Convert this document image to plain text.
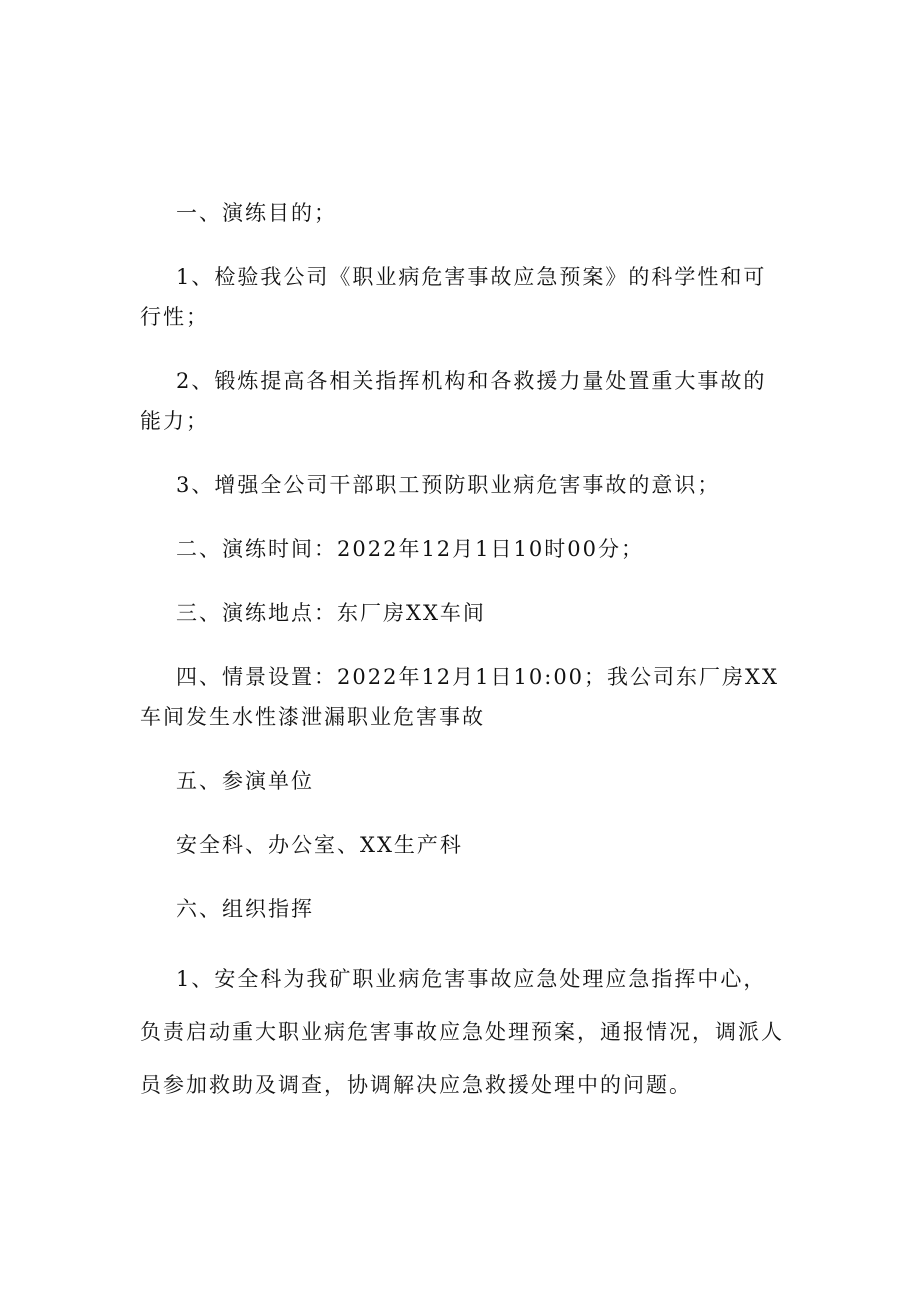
一、演练目的；

1、检验我公司《职业病危害事故应急预案》的科学性和可行性；

2、锻炼提高各相关指挥机构和各救援力量处置重大事故的能力；

3、增强全公司干部职工预防职业病危害事故的意识；

二、演练时间：2022年12月1日10时00分；

三、演练地点：东厂房XX车间

四、情景设置：2022年12月1日10:00；我公司东厂房XX车间发生水性漆泄漏职业危害事故

五、参演单位

安全科、办公室、XX生产科

六、组织指挥

1、安全科为我矿职业病危害事故应急处理应急指挥中心，负责启动重大职业病危害事故应急处理预案，通报情况，调派人员参加救助及调查，协调解决应急救援处理中的问题。
